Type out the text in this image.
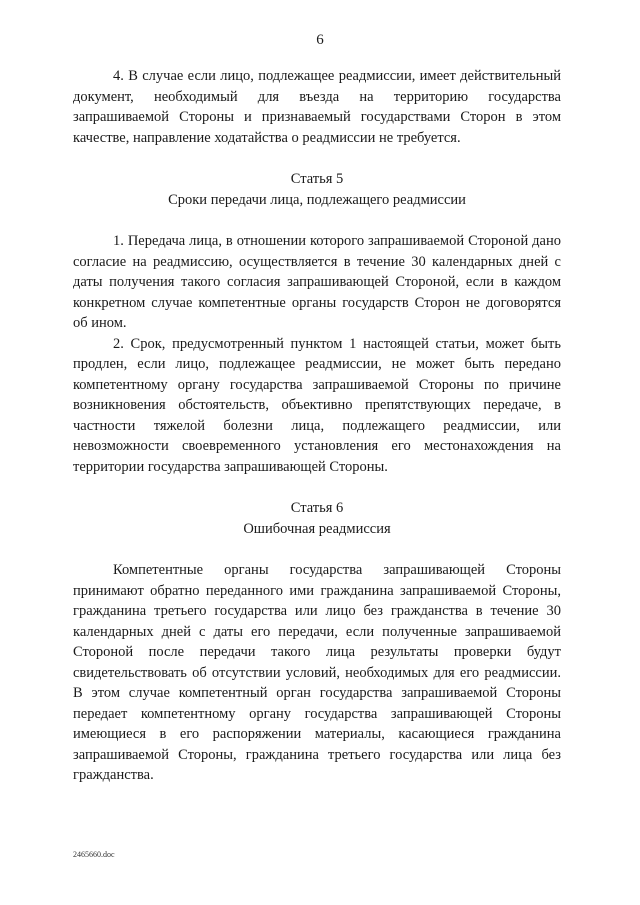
6

4. В случае если лицо, подлежащее реадмиссии, имеет действительный документ, необходимый для въезда на территорию государства запрашиваемой Стороны и признаваемый государствами Сторон в этом качестве, направление ходатайства о реадмиссии не требуется.

Статья 5
Сроки передачи лица, подлежащего реадмиссии

1. Передача лица, в отношении которого запрашиваемой Стороной дано согласие на реадмиссию, осуществляется в течение 30 календарных дней с даты получения такого согласия запрашивающей Стороной, если в каждом конкретном случае компетентные органы государств Сторон не договорятся об ином.

2. Срок, предусмотренный пунктом 1 настоящей статьи, может быть продлен, если лицо, подлежащее реадмиссии, не может быть передано компетентному органу государства запрашиваемой Стороны по причине возникновения обстоятельств, объективно препятствующих передаче, в частности тяжелой болезни лица, подлежащего реадмиссии, или невозможности своевременного установления его местонахождения на территории государства запрашивающей Стороны.

Статья 6
Ошибочная реадмиссия

Компетентные органы государства запрашивающей Стороны принимают обратно переданного ими гражданина запрашиваемой Стороны, гражданина третьего государства или лицо без гражданства в течение 30 календарных дней с даты его передачи, если полученные запрашиваемой Стороной после передачи такого лица результаты проверки будут свидетельствовать об отсутствии условий, необходимых для его реадмиссии. В этом случае компетентный орган государства запрашиваемой Стороны передает компетентному органу государства запрашивающей Стороны имеющиеся в его распоряжении материалы, касающиеся гражданина запрашиваемой Стороны, гражданина третьего государства или лица без гражданства.

2465660.doc
